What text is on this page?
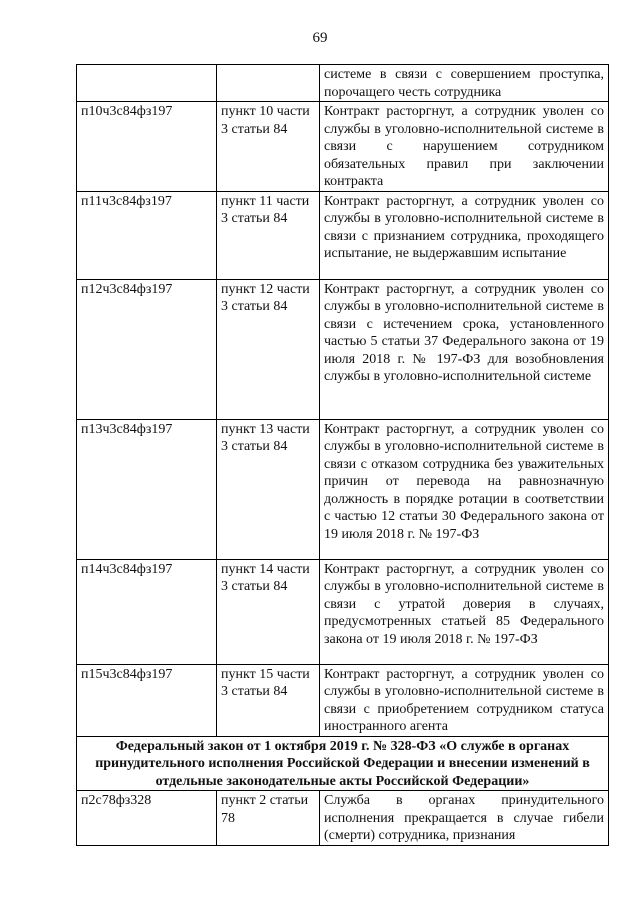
69
		системе в связи с совершением проступка, порочащего честь сотрудника
п10ч3с84фз197	пункт 10 части 3 статьи 84	Контракт расторгнут, а сотрудник уволен со службы в уголовно-исполнительной системе в связи с нарушением сотрудником обязательных правил при заключении контракта
п11ч3с84фз197	пункт 11 части 3 статьи 84	Контракт расторгнут, а сотрудник уволен со службы в уголовно-исполнительной системе в связи с признанием сотрудника, проходящего испытание, не выдержавшим испытание
п12ч3с84фз197	пункт 12 части 3 статьи 84	Контракт расторгнут, а сотрудник уволен со службы в уголовно-исполнительной системе в связи с истечением срока, установленного частью 5 статьи 37 Федерального закона от 19 июля 2018 г. № 197-ФЗ для возобновления службы в уголовно-исполнительной системе
п13ч3с84фз197	пункт 13 части 3 статьи 84	Контракт расторгнут, а сотрудник уволен со службы в уголовно-исполнительной системе в связи с отказом сотрудника без уважительных причин от перевода на равнозначную должность в порядке ротации в соответствии с частью 12 статьи 30 Федерального закона от 19 июля 2018 г. № 197-ФЗ
п14ч3с84фз197	пункт 14 части 3 статьи 84	Контракт расторгнут, а сотрудник уволен со службы в уголовно-исполнительной системе в связи с утратой доверия в случаях, предусмотренных статьей 85 Федерального закона от 19 июля 2018 г. № 197-ФЗ
п15ч3с84фз197	пункт 15 части 3 статьи 84	Контракт расторгнут, а сотрудник уволен со службы в уголовно-исполнительной системе в связи с приобретением сотрудником статуса иностранного агента
Федеральный закон от 1 октября 2019 г. № 328-ФЗ «О службе в органах принудительного исполнения Российской Федерации и внесении изменений в отдельные законодательные акты Российской Федерации»		
п2с78фз328	пункт 2 статьи 78	Служба в органах принудительного исполнения прекращается в случае гибели (смерти) сотрудника, признания
